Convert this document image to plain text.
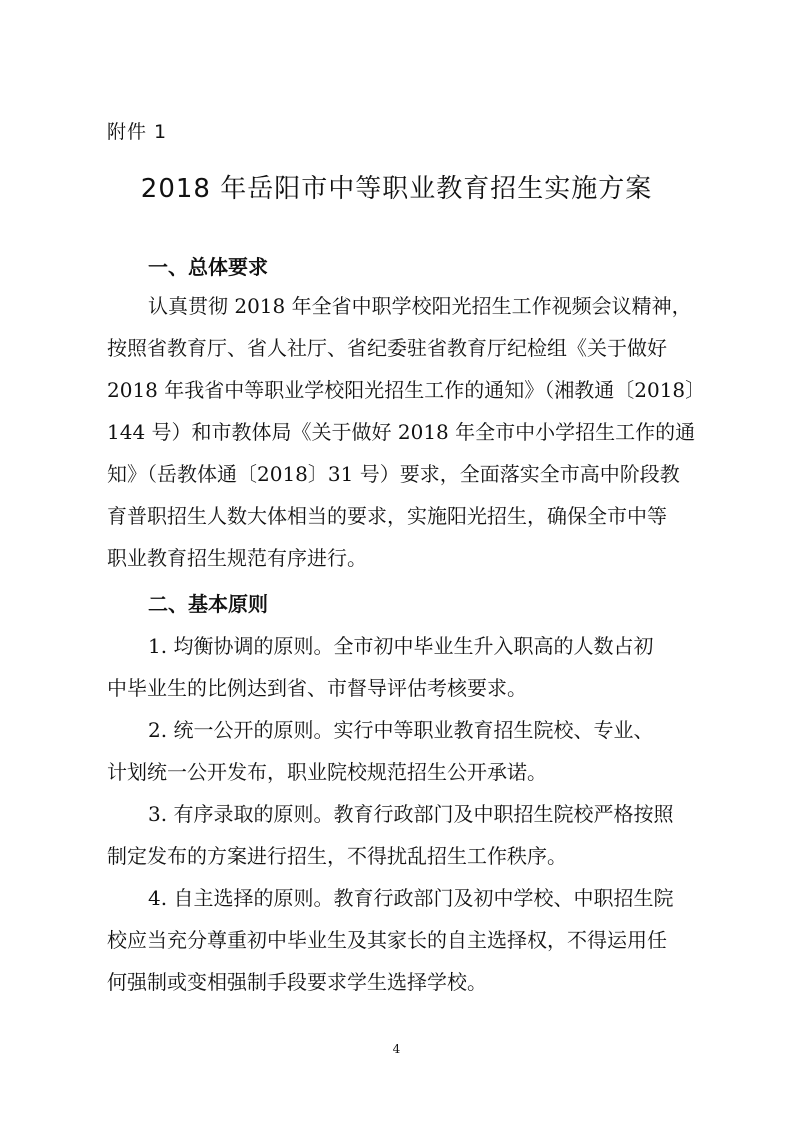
附件 1
2018 年岳阳市中等职业教育招生实施方案
一、总体要求
认真贯彻 2018 年全省中职学校阳光招生工作视频会议精神，
按照省教育厅、省人社厅、省纪委驻省教育厅纪检组《关于做好
2018 年我省中等职业学校阳光招生工作的通知》（湘教通〔2018〕
144 号）和市教体局《关于做好 2018 年全市中小学招生工作的通
知》（岳教体通〔2018〕31 号）要求，全面落实全市高中阶段教
育普职招生人数大体相当的要求，实施阳光招生，确保全市中等
职业教育招生规范有序进行。
二、基本原则
1. 均衡协调的原则。全市初中毕业生升入职高的人数占初
中毕业生的比例达到省、市督导评估考核要求。
2. 统一公开的原则。实行中等职业教育招生院校、专业、
计划统一公开发布，职业院校规范招生公开承诺。
3. 有序录取的原则。教育行政部门及中职招生院校严格按照
制定发布的方案进行招生，不得扰乱招生工作秩序。
4. 自主选择的原则。教育行政部门及初中学校、中职招生院
校应当充分尊重初中毕业生及其家长的自主选择权，不得运用任
何强制或变相强制手段要求学生选择学校。
4
